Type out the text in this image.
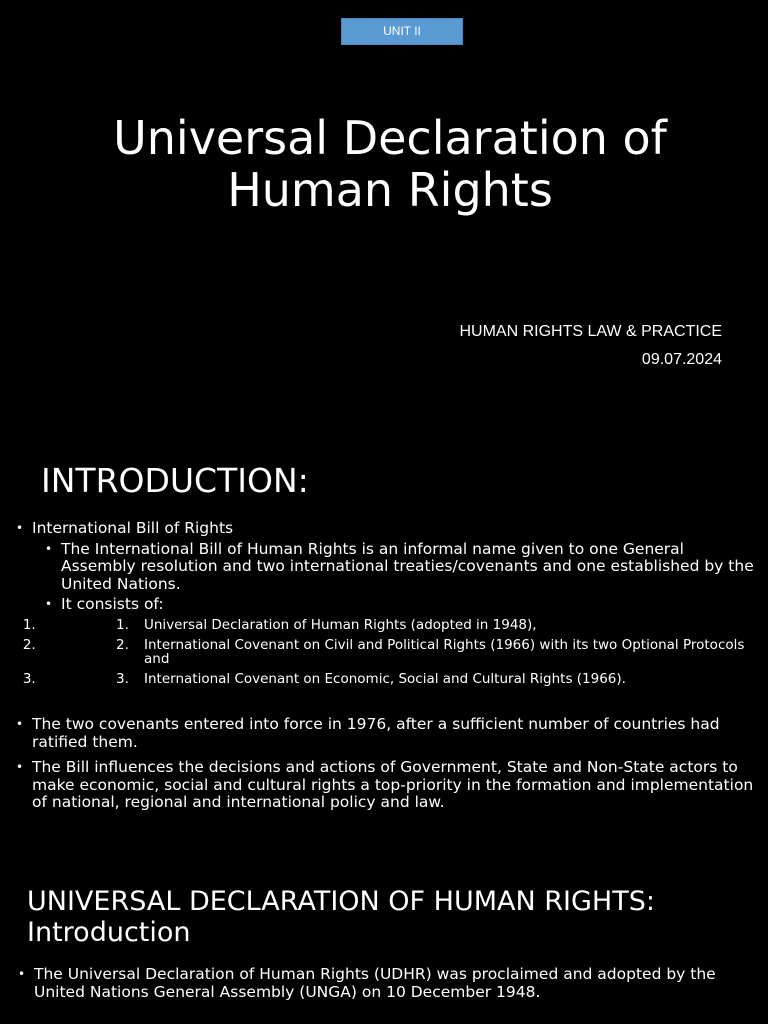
UNIT II
Universal Declaration of Human Rights
HUMAN RIGHTS LAW & PRACTICE
09.07.2024
INTRODUCTION:
• International Bill of Rights
• The International Bill of Human Rights is an informal name given to one General Assembly resolution and two international treaties/covenants and one established by the United Nations.
• It consists of:
1. 1. Universal Declaration of Human Rights (adopted in 1948),
2. 2. International Covenant on Civil and Political Rights (1966) with its two Optional Protocols and
3. 3. International Covenant on Economic, Social and Cultural Rights (1966).
• The two covenants entered into force in 1976, after a sufficient number of countries had ratified them.
• The Bill influences the decisions and actions of Government, State and Non-State actors to make economic, social and cultural rights a top-priority in the formation and implementation of national, regional and international policy and law.
UNIVERSAL DECLARATION OF HUMAN RIGHTS: Introduction
• The Universal Declaration of Human Rights (UDHR) was proclaimed and adopted by the United Nations General Assembly (UNGA) on 10 December 1948.
